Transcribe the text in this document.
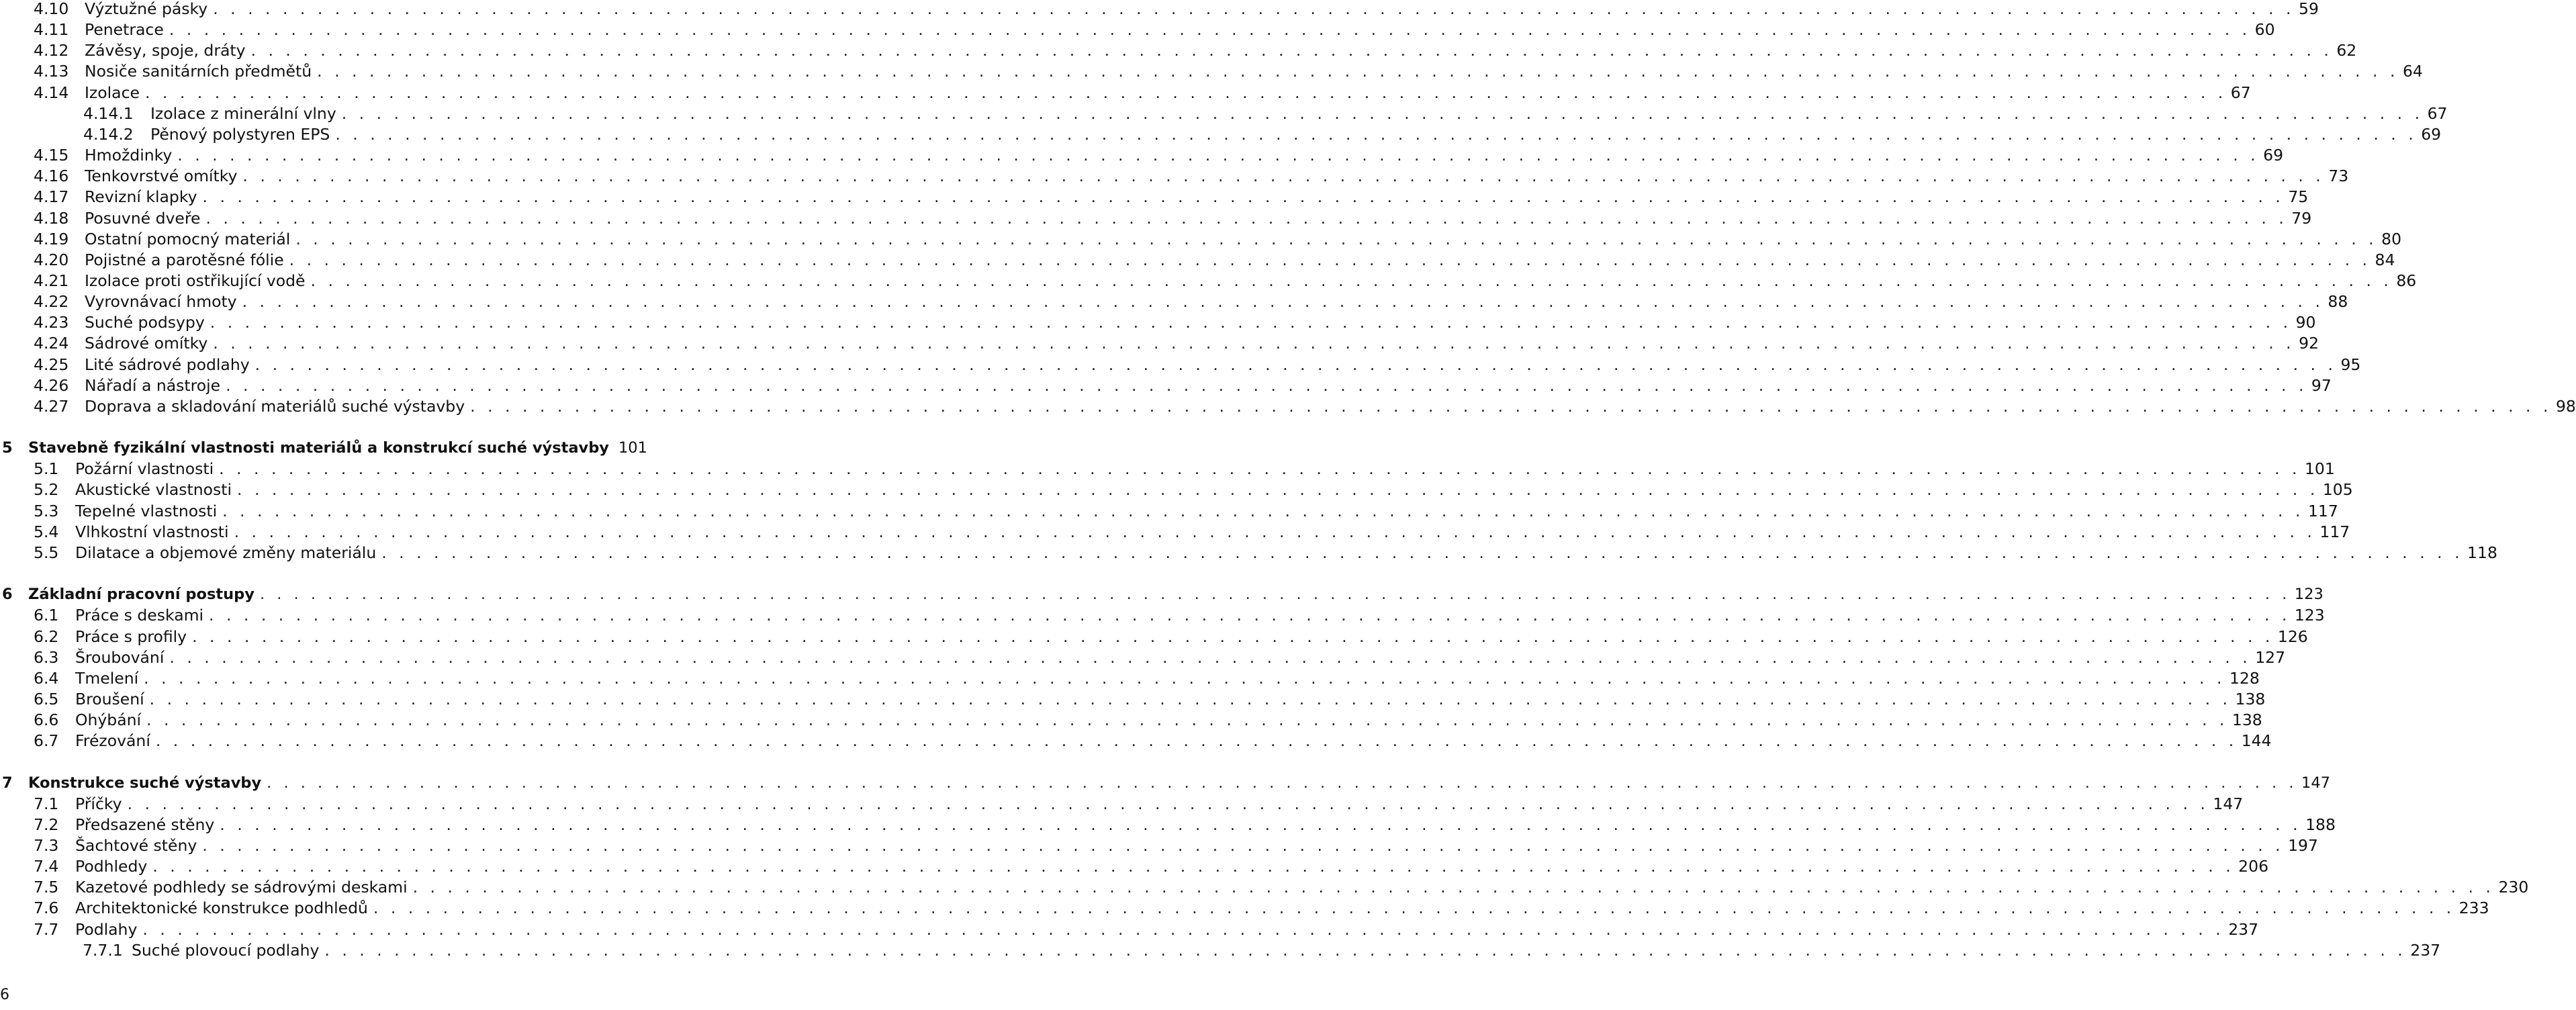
4.10 Výztužné pásky . . . . . . . . . . . . . . . . . . . . . . . . . . . . . . . . . . . . . . . . . . . . . . . . . . . . . . . . . . . . . . . . . . . . . . . . . . . . . . . . . . . . . . . . . . . . . . . . . . . . . . . . . . . . . . . . . . . . . . . . 59
4.11 Penetrace . . . . . . . . . . . . . . . . . . . . . . . . . . . . . . . . . . . . . . . . . . . . . . . . . . . . . . . . . . . . . . . . . . . . . . . . . . . . . . . . . . . . . . . . . . . . . . . . . . . . . . . . . . . . . . . . . . . . . . . . 60
4.12 Závěsy, spoje, dráty . . . . . . . . . . . . . . . . . . . . . . . . . . . . . . . . . . . . . . . . . . . . . . . . . . . . . . . . . . . . . . . . . . . . . . . . . . . . . . . . . . . . . . . . . . . . . . . . . . . . . . . . . . . . . . . . . . . . . . . . 62
4.13 Nosiče sanitárních předmětů . . . . . . . . . . . . . . . . . . . . . . . . . . . . . . . . . . . . . . . . . . . . . . . . . . . . . . . . . . . . . . . . . . . . . . . . . . . . . . . . . . . . . . . . . . . . . . . . . . . . . . . . . . . . . . . . . . . . . . . . 64
4.14 Izolace . . . . . . . . . . . . . . . . . . . . . . . . . . . . . . . . . . . . . . . . . . . . . . . . . . . . . . . . . . . . . . . . . . . . . . . . . . . . . . . . . . . . . . . . . . . . . . . . . . . . . . . . . . . . . . . . . . . . . . . . 67
4.14.1 Izolace z minerální vlny . . . . . . . . . . . . . . . . . . . . . . . . . . . . . . . . . . . . . . . . . . . . . . . . . . . . . . . . . . . . . . . . . . . . . . . . . . . . . . . . . . . . . . . . . . . . . . . . . . . . . . . . . . . . . . . . . . . . . . . . 67
4.14.2 Pěnový polystyren EPS . . . . . . . . . . . . . . . . . . . . . . . . . . . . . . . . . . . . . . . . . . . . . . . . . . . . . . . . . . . . . . . . . . . . . . . . . . . . . . . . . . . . . . . . . . . . . . . . . . . . . . . . . . . . . . . . . . . . . . . . 69
4.15 Hmoždinky . . . . . . . . . . . . . . . . . . . . . . . . . . . . . . . . . . . . . . . . . . . . . . . . . . . . . . . . . . . . . . . . . . . . . . . . . . . . . . . . . . . . . . . . . . . . . . . . . . . . . . . . . . . . . . . . . . . . . . . . 69
4.16 Tenkovrstvé omítky . . . . . . . . . . . . . . . . . . . . . . . . . . . . . . . . . . . . . . . . . . . . . . . . . . . . . . . . . . . . . . . . . . . . . . . . . . . . . . . . . . . . . . . . . . . . . . . . . . . . . . . . . . . . . . . . . . . . . . . . 73
4.17 Revizní klapky . . . . . . . . . . . . . . . . . . . . . . . . . . . . . . . . . . . . . . . . . . . . . . . . . . . . . . . . . . . . . . . . . . . . . . . . . . . . . . . . . . . . . . . . . . . . . . . . . . . . . . . . . . . . . . . . . . . . . . . . 75
4.18 Posuvné dveře . . . . . . . . . . . . . . . . . . . . . . . . . . . . . . . . . . . . . . . . . . . . . . . . . . . . . . . . . . . . . . . . . . . . . . . . . . . . . . . . . . . . . . . . . . . . . . . . . . . . . . . . . . . . . . . . . . . . . . . . 79
4.19 Ostatní pomocný materiál . . . . . . . . . . . . . . . . . . . . . . . . . . . . . . . . . . . . . . . . . . . . . . . . . . . . . . . . . . . . . . . . . . . . . . . . . . . . . . . . . . . . . . . . . . . . . . . . . . . . . . . . . . . . . . . . . . . . . . . . 80
4.20 Pojistné a parotěsné fólie . . . . . . . . . . . . . . . . . . . . . . . . . . . . . . . . . . . . . . . . . . . . . . . . . . . . . . . . . . . . . . . . . . . . . . . . . . . . . . . . . . . . . . . . . . . . . . . . . . . . . . . . . . . . . . . . . . . . . . . . 84
4.21 Izolace proti ostřikující vodě . . . . . . . . . . . . . . . . . . . . . . . . . . . . . . . . . . . . . . . . . . . . . . . . . . . . . . . . . . . . . . . . . . . . . . . . . . . . . . . . . . . . . . . . . . . . . . . . . . . . . . . . . . . . . . . . . . . . . . . . 86
4.22 Vyrovnávací hmoty . . . . . . . . . . . . . . . . . . . . . . . . . . . . . . . . . . . . . . . . . . . . . . . . . . . . . . . . . . . . . . . . . . . . . . . . . . . . . . . . . . . . . . . . . . . . . . . . . . . . . . . . . . . . . . . . . . . . . . . . 88
4.23 Suché podsypy . . . . . . . . . . . . . . . . . . . . . . . . . . . . . . . . . . . . . . . . . . . . . . . . . . . . . . . . . . . . . . . . . . . . . . . . . . . . . . . . . . . . . . . . . . . . . . . . . . . . . . . . . . . . . . . . . . . . . . . . 90
4.24 Sádrové omítky . . . . . . . . . . . . . . . . . . . . . . . . . . . . . . . . . . . . . . . . . . . . . . . . . . . . . . . . . . . . . . . . . . . . . . . . . . . . . . . . . . . . . . . . . . . . . . . . . . . . . . . . . . . . . . . . . . . . . . . . 92
4.25 Lité sádrové podlahy . . . . . . . . . . . . . . . . . . . . . . . . . . . . . . . . . . . . . . . . . . . . . . . . . . . . . . . . . . . . . . . . . . . . . . . . . . . . . . . . . . . . . . . . . . . . . . . . . . . . . . . . . . . . . . . . . . . . . . . . 95
4.26 Nářadí a nástroje . . . . . . . . . . . . . . . . . . . . . . . . . . . . . . . . . . . . . . . . . . . . . . . . . . . . . . . . . . . . . . . . . . . . . . . . . . . . . . . . . . . . . . . . . . . . . . . . . . . . . . . . . . . . . . . . . . . . . . . . 97
4.27 Doprava a skladování materiálů suché výstavby . . . . . . . . . . . . . . . . . . . . . . . . . . . . . . . . . . . . . . . . . . . . . . . . . . . . . . . . . . . . . . . . . . . . . . . . . . . . . . . . . . . . . . . . . . . . . . . . . . . . . . . . . . . . . . . . . . . . . . . . 98
5 Stavebně fyzikální vlastnosti materiálů a konstrukcí suché výstavby 101
5.1 Požární vlastnosti . . . . . . . . . . . . . . . . . . . . . . . . . . . . . . . . . . . . . . . . . . . . . . . . . . . . . . . . . . . . . . . . . . . . . . . . . . . . . . . . . . . . . . . . . . . . . . . . . . . . . . . . . . . . . . . . . . . . . . . . 101
5.2 Akustické vlastnosti . . . . . . . . . . . . . . . . . . . . . . . . . . . . . . . . . . . . . . . . . . . . . . . . . . . . . . . . . . . . . . . . . . . . . . . . . . . . . . . . . . . . . . . . . . . . . . . . . . . . . . . . . . . . . . . . . . . . . . . . 105
5.3 Tepelné vlastnosti . . . . . . . . . . . . . . . . . . . . . . . . . . . . . . . . . . . . . . . . . . . . . . . . . . . . . . . . . . . . . . . . . . . . . . . . . . . . . . . . . . . . . . . . . . . . . . . . . . . . . . . . . . . . . . . . . . . . . . . . 117
5.4 Vlhkostní vlastnosti . . . . . . . . . . . . . . . . . . . . . . . . . . . . . . . . . . . . . . . . . . . . . . . . . . . . . . . . . . . . . . . . . . . . . . . . . . . . . . . . . . . . . . . . . . . . . . . . . . . . . . . . . . . . . . . . . . . . . . . . 117
5.5 Dilatace a objemové změny materiálu . . . . . . . . . . . . . . . . . . . . . . . . . . . . . . . . . . . . . . . . . . . . . . . . . . . . . . . . . . . . . . . . . . . . . . . . . . . . . . . . . . . . . . . . . . . . . . . . . . . . . . . . . . . . . . . . . . . . . . . . 118
6 Základní pracovní postupy . . . . . . . . . . . . . . . . . . . . . . . . . . . . . . . . . . . . . . . . . . . . . . . . . . . . . . . . . . . . . . . . . . . . . . . . . . . . . . . . . . . . . . . . . . . . . . . . . . . . . . . . . . . . . . . . . . . . . . . . 123
6.1 Práce s deskami . . . . . . . . . . . . . . . . . . . . . . . . . . . . . . . . . . . . . . . . . . . . . . . . . . . . . . . . . . . . . . . . . . . . . . . . . . . . . . . . . . . . . . . . . . . . . . . . . . . . . . . . . . . . . . . . . . . . . . . . 123
6.2 Práce s profily . . . . . . . . . . . . . . . . . . . . . . . . . . . . . . . . . . . . . . . . . . . . . . . . . . . . . . . . . . . . . . . . . . . . . . . . . . . . . . . . . . . . . . . . . . . . . . . . . . . . . . . . . . . . . . . . . . . . . . . . 126
6.3 Šroubování . . . . . . . . . . . . . . . . . . . . . . . . . . . . . . . . . . . . . . . . . . . . . . . . . . . . . . . . . . . . . . . . . . . . . . . . . . . . . . . . . . . . . . . . . . . . . . . . . . . . . . . . . . . . . . . . . . . . . . . . 127
6.4 Tmelení . . . . . . . . . . . . . . . . . . . . . . . . . . . . . . . . . . . . . . . . . . . . . . . . . . . . . . . . . . . . . . . . . . . . . . . . . . . . . . . . . . . . . . . . . . . . . . . . . . . . . . . . . . . . . . . . . . . . . . . . 128
6.5 Broušení . . . . . . . . . . . . . . . . . . . . . . . . . . . . . . . . . . . . . . . . . . . . . . . . . . . . . . . . . . . . . . . . . . . . . . . . . . . . . . . . . . . . . . . . . . . . . . . . . . . . . . . . . . . . . . . . . . . . . . . . 138
6.6 Ohýbání . . . . . . . . . . . . . . . . . . . . . . . . . . . . . . . . . . . . . . . . . . . . . . . . . . . . . . . . . . . . . . . . . . . . . . . . . . . . . . . . . . . . . . . . . . . . . . . . . . . . . . . . . . . . . . . . . . . . . . . . 138
6.7 Frézování . . . . . . . . . . . . . . . . . . . . . . . . . . . . . . . . . . . . . . . . . . . . . . . . . . . . . . . . . . . . . . . . . . . . . . . . . . . . . . . . . . . . . . . . . . . . . . . . . . . . . . . . . . . . . . . . . . . . . . . . 144
7 Konstrukce suché výstavby . . . . . . . . . . . . . . . . . . . . . . . . . . . . . . . . . . . . . . . . . . . . . . . . . . . . . . . . . . . . . . . . . . . . . . . . . . . . . . . . . . . . . . . . . . . . . . . . . . . . . . . . . . . . . . . . . . . . . . . . 147
7.1 Příčky . . . . . . . . . . . . . . . . . . . . . . . . . . . . . . . . . . . . . . . . . . . . . . . . . . . . . . . . . . . . . . . . . . . . . . . . . . . . . . . . . . . . . . . . . . . . . . . . . . . . . . . . . . . . . . . . . . . . . . . . 147
7.2 Předsazené stěny . . . . . . . . . . . . . . . . . . . . . . . . . . . . . . . . . . . . . . . . . . . . . . . . . . . . . . . . . . . . . . . . . . . . . . . . . . . . . . . . . . . . . . . . . . . . . . . . . . . . . . . . . . . . . . . . . . . . . . . . 188
7.3 Šachtové stěny . . . . . . . . . . . . . . . . . . . . . . . . . . . . . . . . . . . . . . . . . . . . . . . . . . . . . . . . . . . . . . . . . . . . . . . . . . . . . . . . . . . . . . . . . . . . . . . . . . . . . . . . . . . . . . . . . . . . . . . . 197
7.4 Podhledy . . . . . . . . . . . . . . . . . . . . . . . . . . . . . . . . . . . . . . . . . . . . . . . . . . . . . . . . . . . . . . . . . . . . . . . . . . . . . . . . . . . . . . . . . . . . . . . . . . . . . . . . . . . . . . . . . . . . . . . . 206
7.5 Kazetové podhledy se sádrovými deskami . . . . . . . . . . . . . . . . . . . . . . . . . . . . . . . . . . . . . . . . . . . . . . . . . . . . . . . . . . . . . . . . . . . . . . . . . . . . . . . . . . . . . . . . . . . . . . . . . . . . . . . . . . . . . . . . . . . . . . . . 230
7.6 Architektonické konstrukce podhledů . . . . . . . . . . . . . . . . . . . . . . . . . . . . . . . . . . . . . . . . . . . . . . . . . . . . . . . . . . . . . . . . . . . . . . . . . . . . . . . . . . . . . . . . . . . . . . . . . . . . . . . . . . . . . . . . . . . . . . . . 233
7.7 Podlahy . . . . . . . . . . . . . . . . . . . . . . . . . . . . . . . . . . . . . . . . . . . . . . . . . . . . . . . . . . . . . . . . . . . . . . . . . . . . . . . . . . . . . . . . . . . . . . . . . . . . . . . . . . . . . . . . . . . . . . . . 237
7.7.1 Suché plovoucí podlahy . . . . . . . . . . . . . . . . . . . . . . . . . . . . . . . . . . . . . . . . . . . . . . . . . . . . . . . . . . . . . . . . . . . . . . . . . . . . . . . . . . . . . . . . . . . . . . . . . . . . . . . . . . . . . . . . . . . . . . . . 237
6
